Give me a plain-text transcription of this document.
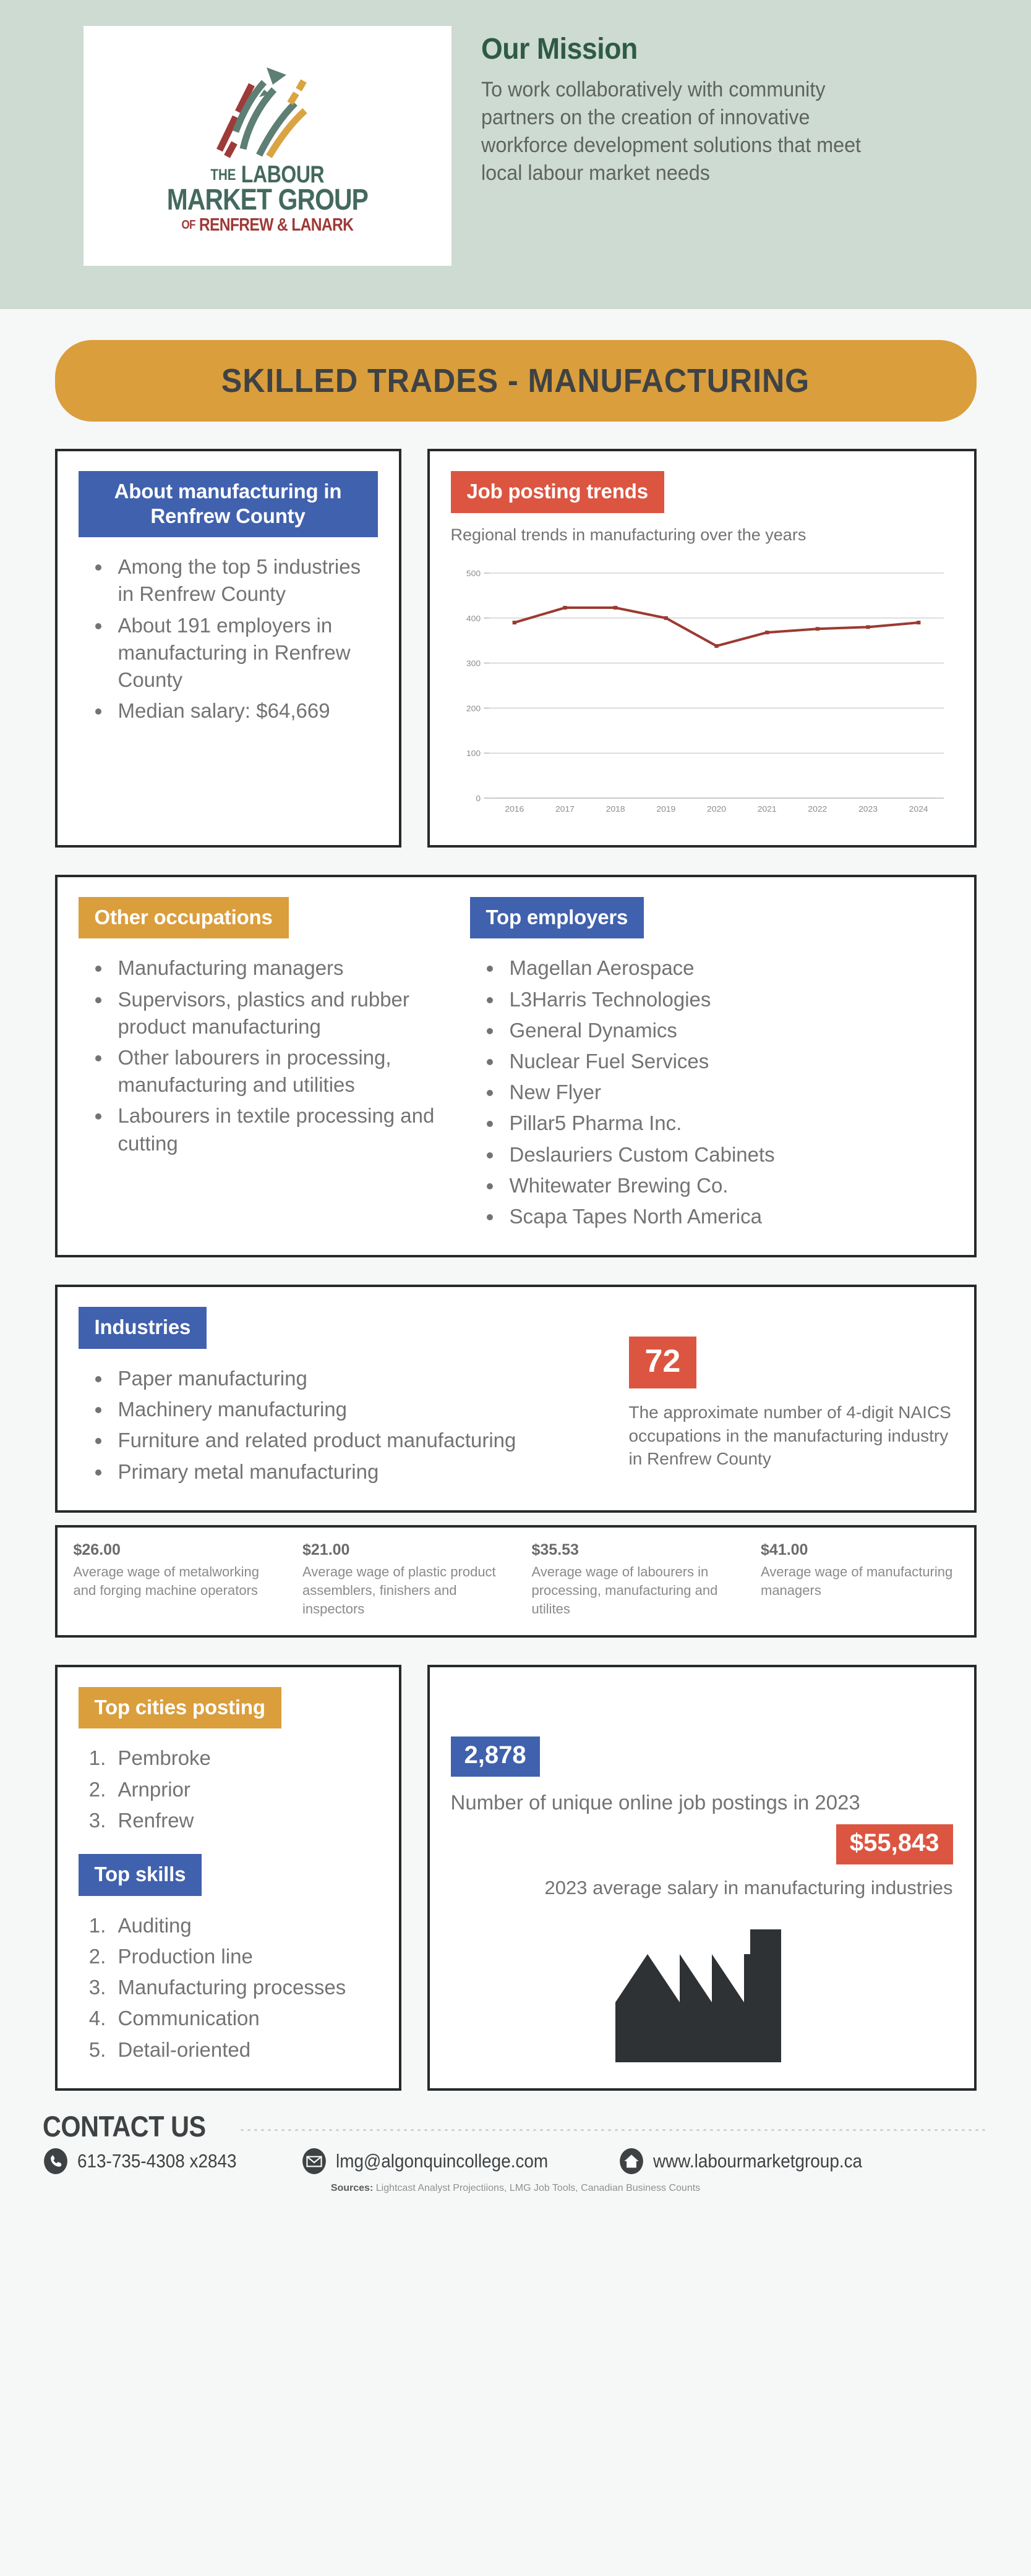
THE LABOUR
MARKET GROUP
OF RENFREW & LANARK
Our Mission

To work collaboratively with community partners on the creation of innovative workforce development solutions that meet local labour market needs

SKILLED TRADES - MANUFACTURING
About manufacturing in Renfrew County
• Among the top 5 industries in Renfrew County
• About 191 employers in manufacturing in Renfrew County
• Median salary: $64,669
Job posting trends
Regional trends in manufacturing over the years
0
100
200
300
400
500
2016	2017	2018	2019	2020	2021	2022	2023	2024
Other occupations
• Manufacturing managers
• Supervisors, plastics and rubber product manufacturing
• Other labourers in processing, manufacturing and utilities
• Labourers in textile processing and cutting
Top employers
• Magellan Aerospace
• L3Harris Technologies
• General Dynamics
• Nuclear Fuel Services
• New Flyer
• Pillar5 Pharma Inc.
• Deslauriers Custom Cabinets
• Whitewater Brewing Co.
• Scapa Tapes North America
Industries
• Paper manufacturing
• Machinery manufacturing
• Furniture and related product manufacturing
• Primary metal manufacturing
72
The approximate number of 4-digit NAICS occupations in the manufacturing industry in Renfrew County
$26.00
Average wage of metalworking and forging machine operators
$21.00
Average wage of plastic product assemblers, finishers and inspectors
$35.53
Average wage of labourers in processing, manufacturing and utilites
$41.00
Average wage of manufacturing managers
Top cities posting
1. Pembroke
2. Arnprior
3. Renfrew
Top skills
1. Auditing
2. Production line
3. Manufacturing processes
4. Communication
5. Detail-oriented
2,878
Number of unique online job postings in 2023
$55,843
2023 average salary in manufacturing industries
CONTACT US
613-735-4308 x2843	lmg@algonquincollege.com	www.labourmarketgroup.ca
Sources: Lightcast Analyst Projectiions, LMG Job Tools, Canadian Business Counts
